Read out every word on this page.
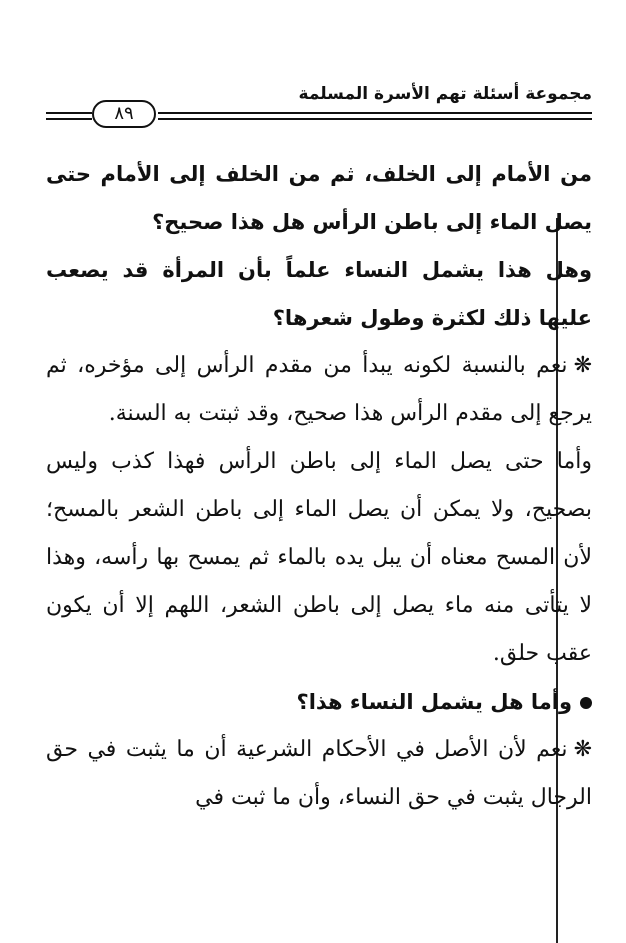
مجموعة أسئلة تهم الأسرة المسلمة
٨٩

من الأمام إلى الخلف، ثم من الخلف إلى الأمام حتى يصل الماء إلى باطن الرأس هل هذا صحيح؟

وهل هذا يشمل النساء علماً بأن المرأة قد يصعب عليها ذلك لكثرة وطول شعرها؟

❋نعم بالنسبة لكونه يبدأ من مقدم الرأس إلى مؤخره، ثم يرجع إلى مقدم الرأس هذا صحيح، وقد ثبتت به السنة.

وأما حتى يصل الماء إلى باطن الرأس فهذا كذب وليس بصحيح، ولا يمكن أن يصل الماء إلى باطن الشعر بالمسح؛ لأن المسح معناه أن يبل يده بالماء ثم يمسح بها رأسه، وهذا لا يتأتى منه ماء يصل إلى باطن الشعر، اللهم إلا أن يكون عقب حلق.

وأما هل يشمل النساء هذا؟

❋نعم لأن الأصل في الأحكام الشرعية أن ما يثبت في حق الرجال يثبت في حق النساء، وأن ما ثبت في
